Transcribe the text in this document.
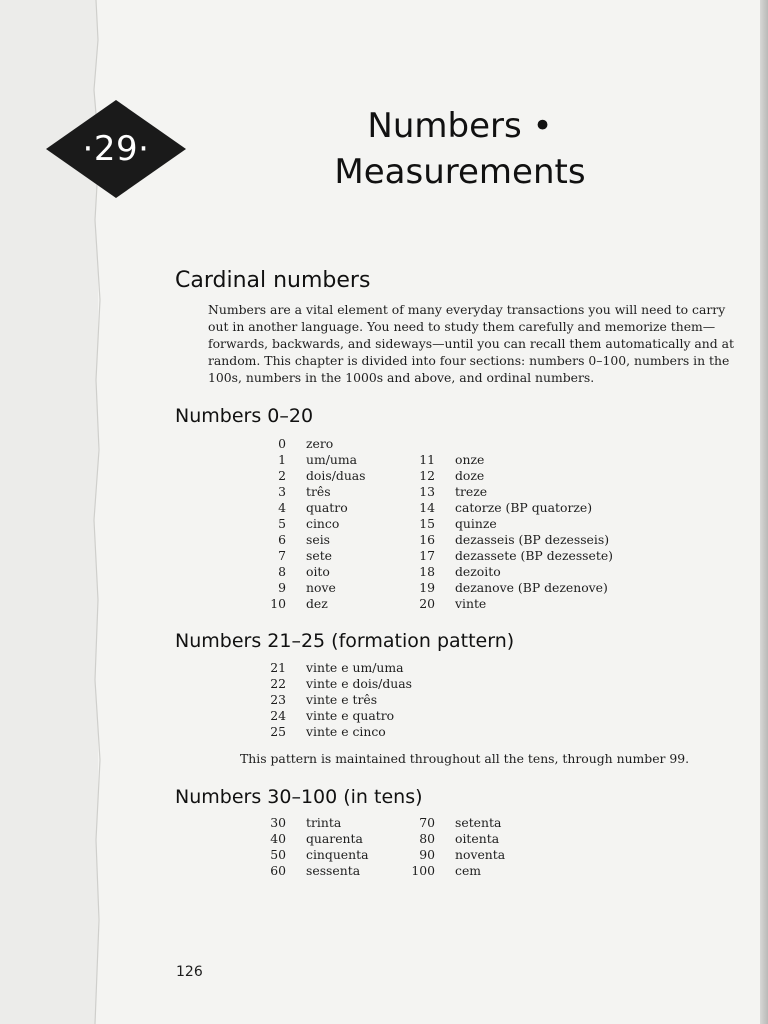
·29·
Numbers •
Measurements
Cardinal numbers
Numbers are a vital element of many everyday transactions you will need to carry out in another language. You need to study them carefully and memorize them—forwards, backwards, and sideways—until you can recall them automatically and at random. This chapter is divided into four sections: numbers 0–100, numbers in the 100s, numbers in the 1000s and above, and ordinal numbers.
Numbers 0–20
0 zero
1 um/uma
2 dois/duas
3 três
4 quatro
5 cinco
6 seis
7 sete
8 oito
9 nove
10 dez
11 onze
12 doze
13 treze
14 catorze (BP quatorze)
15 quinze
16 dezasseis (BP dezesseis)
17 dezassete (BP dezessete)
18 dezoito
19 dezanove (BP dezenove)
20 vinte
Numbers 21–25 (formation pattern)
21 vinte e um/uma
22 vinte e dois/duas
23 vinte e três
24 vinte e quatro
25 vinte e cinco
This pattern is maintained throughout all the tens, through number 99.
Numbers 30–100 (in tens)
30 trinta
40 quarenta
50 cinquenta
60 sessenta
70 setenta
80 oitenta
90 noventa
100 cem
126
